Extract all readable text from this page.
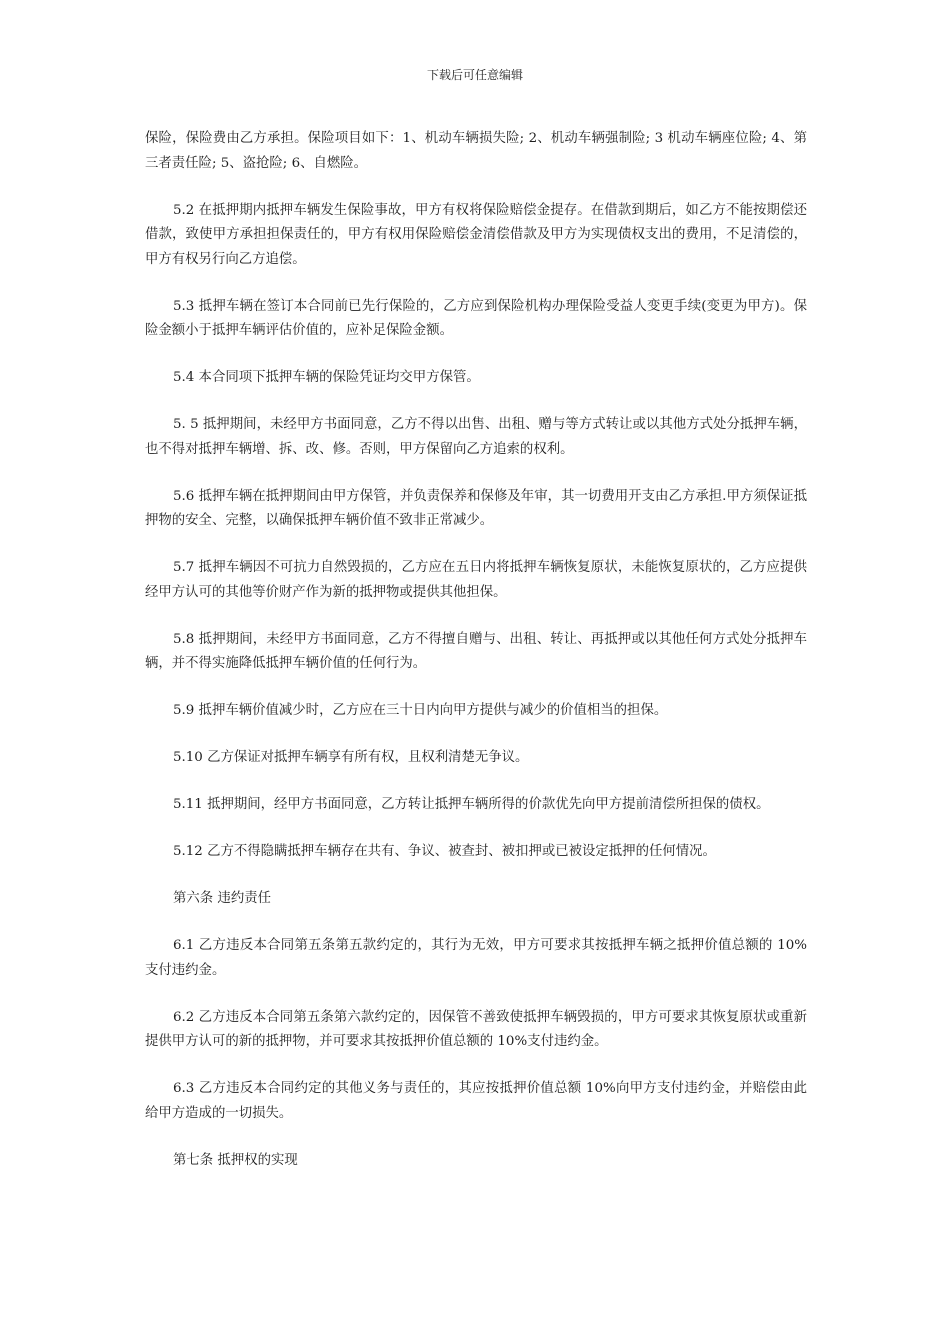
下载后可任意编辑

保险，保险费由乙方承担。保险项目如下：1、机动车辆损失险; 2、机动车辆强制险; 3 机动车辆座位险; 4、第三者责任险; 5、盗抢险; 6、自燃险。

5.2 在抵押期内抵押车辆发生保险事故，甲方有权将保险赔偿金提存。在借款到期后，如乙方不能按期偿还借款，致使甲方承担担保责任的，甲方有权用保险赔偿金清偿借款及甲方为实现债权支出的费用，不足清偿的，甲方有权另行向乙方追偿。

5.3 抵押车辆在签订本合同前已先行保险的，乙方应到保险机构办理保险受益人变更手续(变更为甲方)。保险金额小于抵押车辆评估价值的，应补足保险金额。

5.4 本合同项下抵押车辆的保险凭证均交甲方保管。

5. 5 抵押期间，未经甲方书面同意，乙方不得以出售、出租、赠与等方式转让或以其他方式处分抵押车辆，也不得对抵押车辆增、拆、改、修。否则，甲方保留向乙方追索的权利。

5.6 抵押车辆在抵押期间由甲方保管，并负责保养和保修及年审，其一切费用开支由乙方承担.甲方须保证抵押物的安全、完整，以确保抵押车辆价值不致非正常减少。

5.7 抵押车辆因不可抗力自然毁损的，乙方应在五日内将抵押车辆恢复原状，未能恢复原状的，乙方应提供经甲方认可的其他等价财产作为新的抵押物或提供其他担保。

5.8 抵押期间，未经甲方书面同意，乙方不得擅自赠与、出租、转让、再抵押或以其他任何方式处分抵押车辆，并不得实施降低抵押车辆价值的任何行为。

5.9 抵押车辆价值减少时，乙方应在三十日内向甲方提供与减少的价值相当的担保。

5.10 乙方保证对抵押车辆享有所有权，且权利清楚无争议。

5.11 抵押期间，经甲方书面同意，乙方转让抵押车辆所得的价款优先向甲方提前清偿所担保的债权。

5.12 乙方不得隐瞒抵押车辆存在共有、争议、被查封、被扣押或已被设定抵押的任何情况。

第六条 违约责任

6.1 乙方违反本合同第五条第五款约定的，其行为无效，甲方可要求其按抵押车辆之抵押价值总额的 10%支付违约金。

6.2 乙方违反本合同第五条第六款约定的，因保管不善致使抵押车辆毁损的，甲方可要求其恢复原状或重新提供甲方认可的新的抵押物，并可要求其按抵押价值总额的 10%支付违约金。

6.3 乙方违反本合同约定的其他义务与责任的，其应按抵押价值总额 10%向甲方支付违约金，并赔偿由此给甲方造成的一切损失。

第七条 抵押权的实现
